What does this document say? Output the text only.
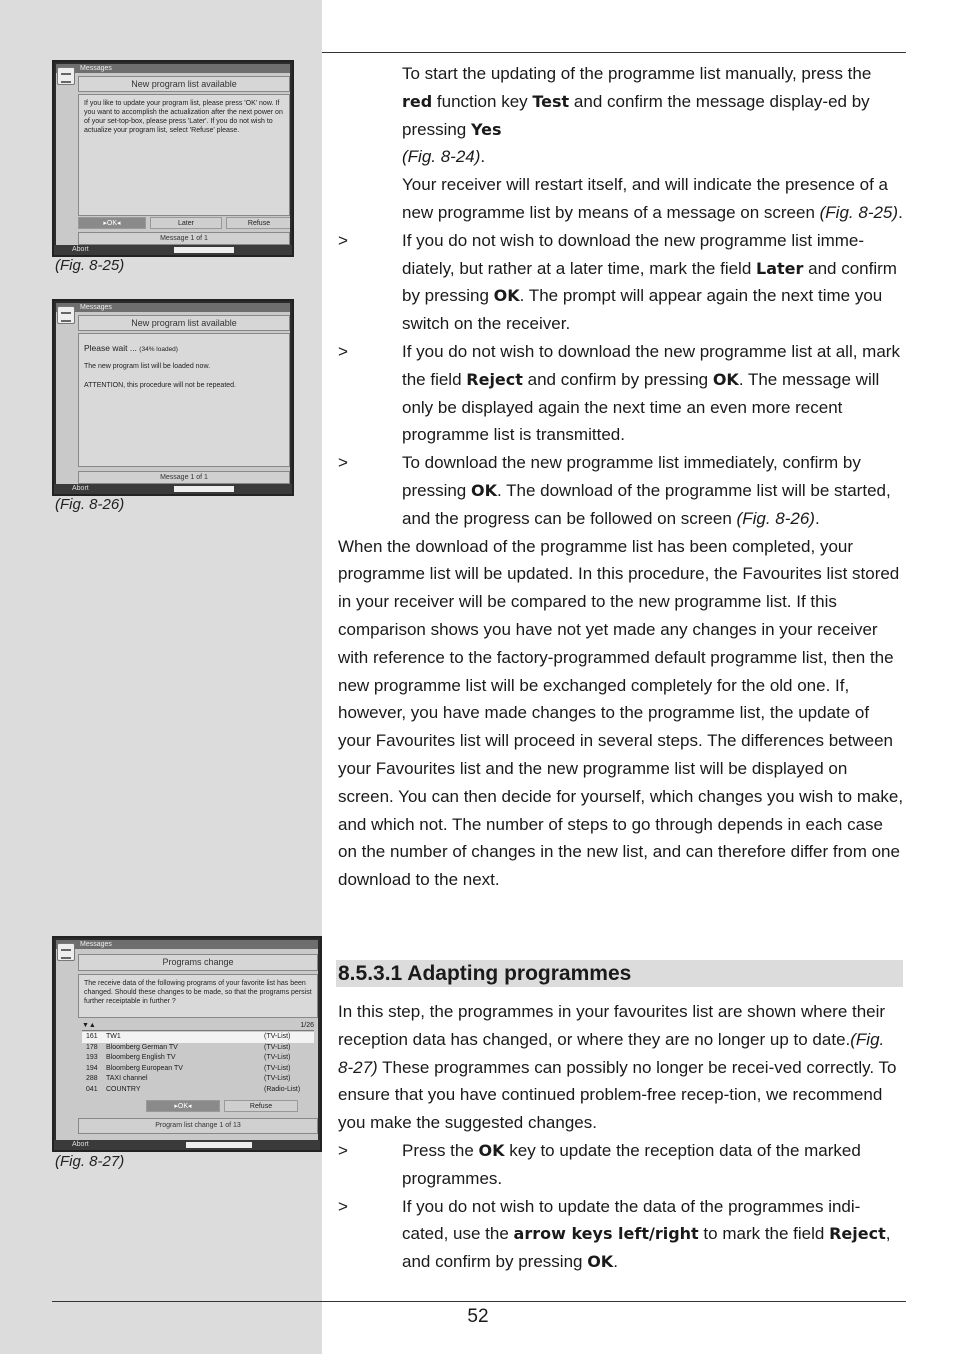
Messages
New program list available
If you like to update your program list, please press 'OK' now. If you want to accomplish the actualization after the next power on of your set-top-box, please press 'Later'. If you do not wish to actualize your program list, select 'Refuse' please.
▸OK◂	Later	Refuse
Message 1 of 1
Abort
(Fig. 8-25)
Messages
New program list available
Please wait ... (34% loaded)
The new program list will be loaded now.
ATTENTION, this procedure will not be repeated.
Message 1 of 1
Abort
(Fig. 8-26)
Messages
Programs change
The receive data of the following programs of your favorite list has been changed. Should these changes to be made, so that the programs persist further receiptable in further ?
▼▲	1/26
161	TW1	(TV-List)
178	Bloomberg German TV	(TV-List)
193	Bloomberg English TV	(TV-List)
194	Bloomberg European TV	(TV-List)
288	TAXI channel	(TV-List)
041	COUNTRY	(Radio-List)
▸OK◂	Refuse
Program list change 1 of 13
Abort
(Fig. 8-27)

To start the updating of the programme list manually, press the red function key Test and confirm the message display-ed by pressing Yes
(Fig. 8-24).

Your receiver will restart itself, and will indicate the presence of a new programme list by means of a message on screen (Fig. 8-25).

>	If you do not wish to download the new programme list imme-diately, but rather at a later time, mark the field Later and confirm by pressing OK. The prompt will appear again the next time you switch on the receiver.

>	If you do not wish to download the new programme list at all, mark the field Reject and confirm by pressing OK. The message will only be displayed again the next time an even more recent programme list is transmitted.

>	To download the new programme list immediately, confirm by pressing OK. The download of the programme list will be started, and the progress can be followed on screen (Fig. 8-26).

When the download of the programme list has been completed, your programme list will be updated. In this procedure, the Favourites list stored in your receiver will be compared to the new programme list. If this comparison shows you have not yet made any changes in your receiver with reference to the factory-programmed default programme list, then the new programme list will be exchanged completely for the old one. If, however, you have made changes to the programme list, the update of your Favourites list will proceed in several steps. The differences between your Favourites list and the new programme list will be displayed on screen. You can then decide for yourself, which changes you wish to make, and which not. The number of steps to go through depends in each case on the number of changes in the new list, and can therefore differ from one download to the next.

8.5.3.1 Adapting programmes

In this step, the programmes in your favourites list are shown where their reception data has changed, or where they are no longer up to date.(Fig. 8-27) These programmes can possibly no longer be recei-ved correctly. To ensure that you have continued problem-free recep-tion, we recommend you make the suggested changes.

>	Press the OK key to update the reception data of the marked programmes.

>	If you do not wish to update the data of the programmes indi-cated, use the arrow keys left/right to mark the field Reject, and confirm by pressing OK.

52
